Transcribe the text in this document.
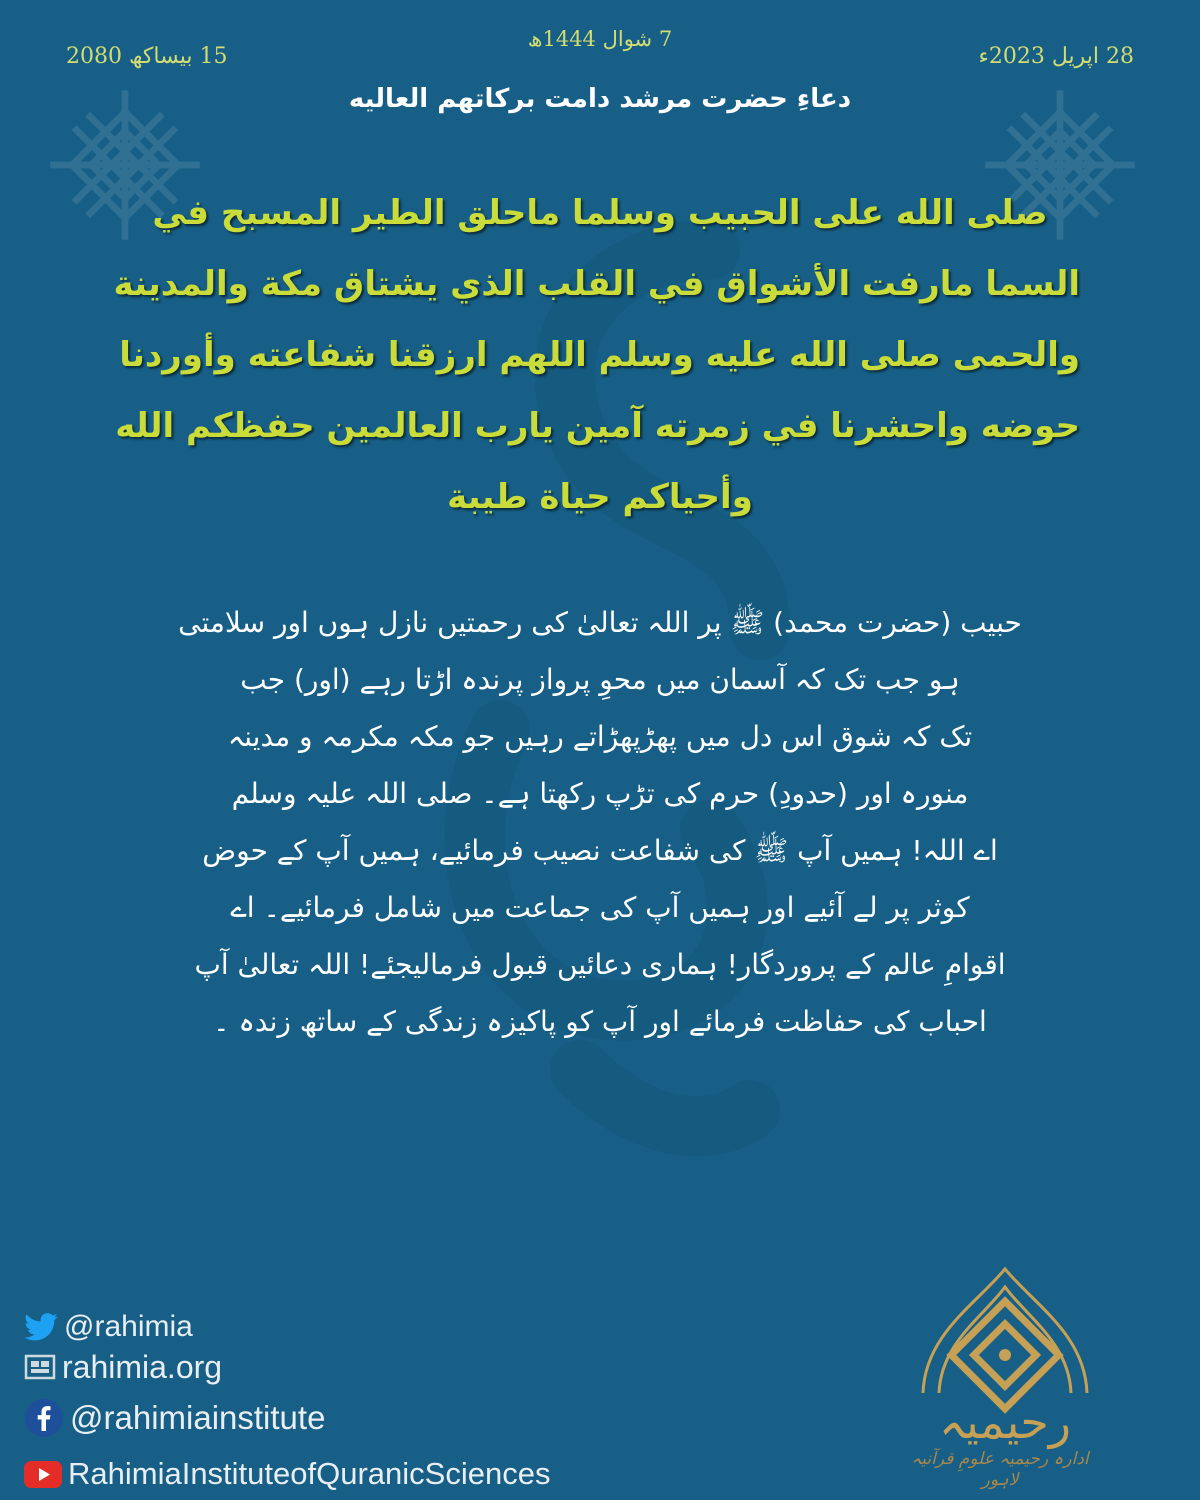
7 شوال 1444ھ
28 اپریل 2023ء
15 بیساکھ 2080
دعاءِ حضرت مرشد دامت برکاتهم العاليه
صلى الله على الحبيب وسلما ماحلق الطير المسبح في
السما مارفت الأشواق في القلب الذي يشتاق مكة والمدينة
والحمى صلى الله عليه وسلم اللهم ارزقنا شفاعته وأوردنا
حوضه واحشرنا في زمرته آمين يارب العالمين حفظكم الله
وأحياكم حياة طيبة
حبیب (حضرت محمد) ﷺ پر اللہ تعالیٰ کی رحمتیں نازل ہوں اور سلامتی
ہو جب تک کہ آسمان میں محوِ پرواز پرندہ اڑتا رہے (اور) جب
تک کہ شوق اس دل میں پھڑپھڑاتے رہیں جو مکہ مکرمہ و مدینہ
منورہ اور (حدودِ) حرم کی تڑپ رکھتا ہے۔ صلی اللہ علیہ وسلم
اے اللہ! ہمیں آپ ﷺ کی شفاعت نصیب فرمائیے، ہمیں آپ کے حوض
کوثر پر لے آئیے اور ہمیں آپ کی جماعت میں شامل فرمائیے۔ اے
اقوامِ عالم کے پروردگار! ہماری دعائیں قبول فرمالیجئے! اللہ تعالیٰ آپ
احباب کی حفاظت فرمائے اور آپ کو پاکیزہ زندگی کے ساتھ زندہ ۔
@rahimia
rahimia.org
@rahimiainstitute
RahimiaInstituteofQuranicSciences
رحیمیہ
ادارہ رحیمیہ علومِ قرآنیہ لاہور
